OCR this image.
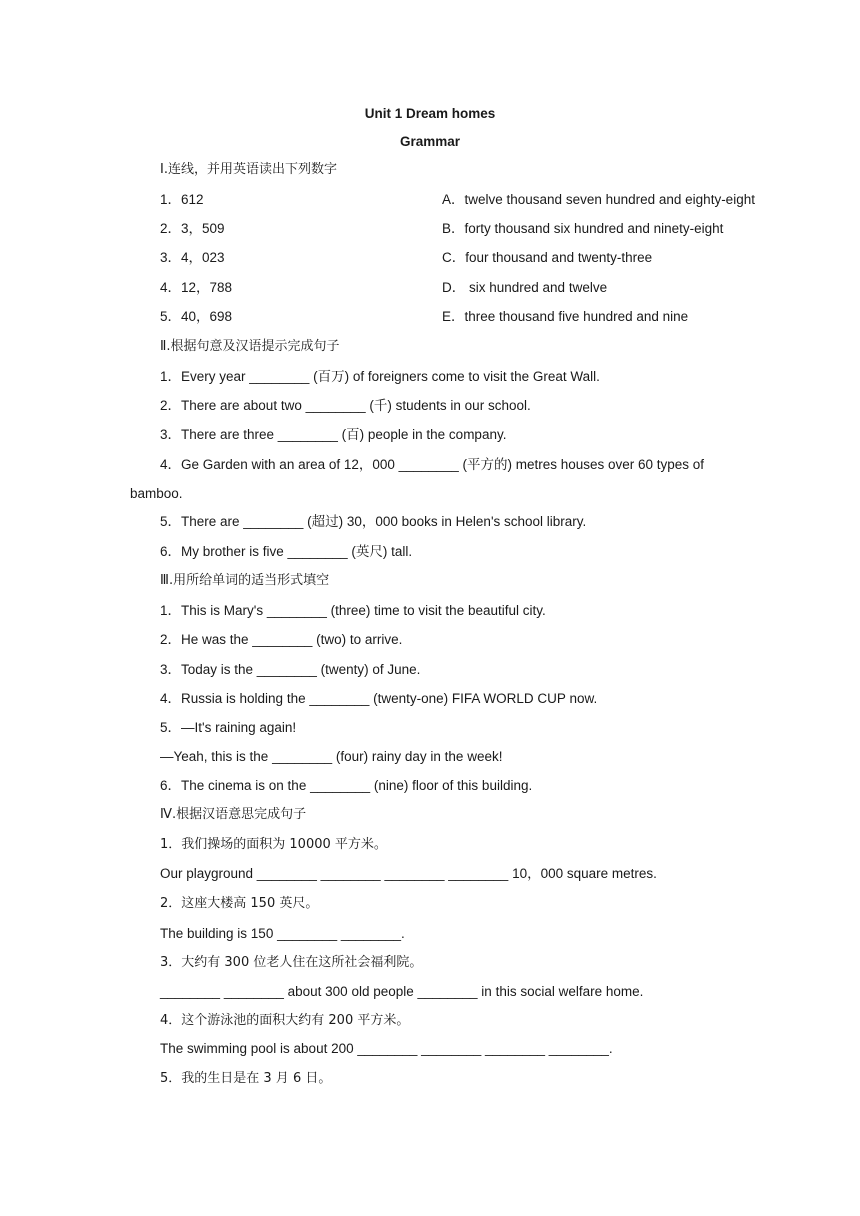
Unit 1 Dream homes
Grammar
Ⅰ.连线，并用英语读出下列数字
1．612	A．twelve thousand seven hundred and eighty-eight
2．3，509	B．forty thousand six hundred and ninety-eight
3．4，023	C．four thousand and twenty-three
4．12，788	D． six hundred and twelve
5．40，698	E．three thousand five hundred and nine
Ⅱ.根据句意及汉语提示完成句子
1．Every year ________ (百万) of foreigners come to visit the Great Wall.
2．There are about two ________ (千) students in our school.
3．There are three ________ (百) people in the company.
4．Ge Garden with an area of 12，000 ________ (平方的) metres houses over 60 types of
bamboo.
5．There are ________ (超过) 30，000 books in Helen's school library.
6．My brother is five ________ (英尺) tall.
Ⅲ.用所给单词的适当形式填空
1．This is Mary's ________ (three) time to visit the beautiful city.
2．He was the ________ (two) to arrive.
3．Today is the ________ (twenty) of June.
4．Russia is holding the ________ (twenty-one) FIFA WORLD CUP now.
5．—It's raining again!
—Yeah, this is the ________ (four) rainy day in the week!
6．The cinema is on the ________ (nine) floor of this building.
Ⅳ.根据汉语意思完成句子
1．我们操场的面积为 10000 平方米。
Our playground ________ ________ ________ ________ 10，000 square metres.
2．这座大楼高 150 英尺。
The building is 150 ________ ________.
3．大约有 300 位老人住在这所社会福利院。
________ ________ about 300 old people ________ in this social welfare home.
4．这个游泳池的面积大约有 200 平方米。
The swimming pool is about 200 ________ ________ ________ ________.
5．我的生日是在 3 月 6 日。
